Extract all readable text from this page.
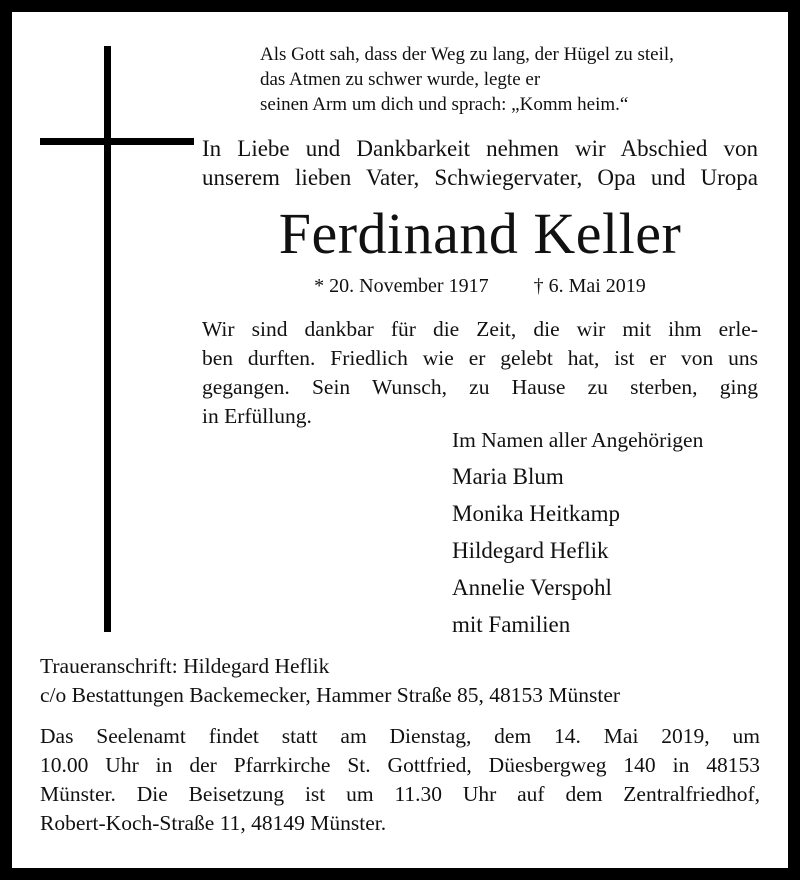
Als Gott sah, dass der Weg zu lang, der Hügel zu steil,
das Atmen zu schwer wurde, legte er
seinen Arm um dich und sprach: „Komm heim.“
In Liebe und Dankbarkeit nehmen wir Abschied von
unserem lieben Vater, Schwiegervater, Opa und Uropa
Ferdinand Keller
* 20. November 1917 † 6. Mai 2019
Wir sind dankbar für die Zeit, die wir mit ihm erle-
ben durften. Friedlich wie er gelebt hat, ist er von uns
gegangen. Sein Wunsch, zu Hause zu sterben, ging
in Erfüllung.
Im Namen aller Angehörigen
Maria Blum
Monika Heitkamp
Hildegard Heflik
Annelie Verspohl
mit Familien
Traueranschrift: Hildegard Heflik
c/o Bestattungen Backemecker, Hammer Straße 85, 48153 Münster
Das Seelenamt findet statt am Dienstag, dem 14. Mai 2019, um
10.00 Uhr in der Pfarrkirche St. Gottfried, Düesbergweg 140 in 48153
Münster. Die Beisetzung ist um 11.30 Uhr auf dem Zentralfriedhof,
Robert-Koch-Straße 11, 48149 Münster.
